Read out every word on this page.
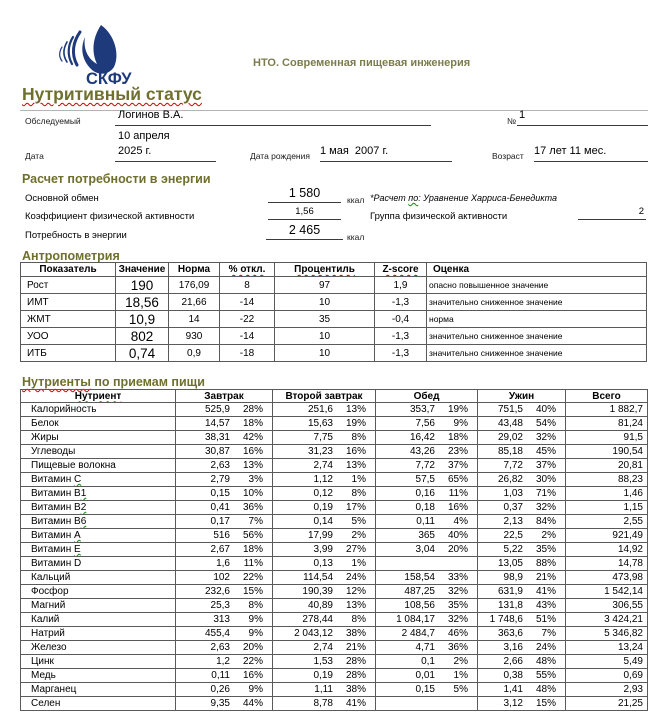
СКФУ

НТО. Современная пищевая инженерия
Нутритивный статус
Обследуемый	Логинов В.А.	№ 1
10 апреля
Дата	2025 г.	Дата рождения 1 мая  2007 г.	Возраст 17 лет 11 мес.
Расчет потребности в энергии
Основной обмен	1 580	ккал *Расчет по: Уравнение Харриса-Бенедикта
Коэффициент физической активности	1,56	Группа физической активности	2
Потребность в энергии	2 465	ккал
Антропометрия
Показатель	Значение	Норма	% откл.	Процентиль	Z-score	Оценка
Рост	190	176,09	8	97	1,9	опасно повышенное значение
ИМТ	18,56	21,66	-14	10	-1,3	значительно сниженное значение
ЖМТ	10,9	14	-22	35	-0,4	норма
УОО	802	930	-14	10	-1,3	значительно сниженное значение
ИТБ	0,74	0,9	-18	10	-1,3	значительно сниженное значение
Нутриенты по приемам пищи
Нутриент	Завтрак	Второй завтрак	Обед	Ужин	Всего
Калорийность	525,9 28%	251,6 13%	353,7 19%	751,5 40%	1 882,7
Белок	14,57 18%	15,63 19%	7,56 9%	43,48 54%	81,24
Жиры	38,31 42%	7,75 8%	16,42 18%	29,02 32%	91,5
Углеводы	30,87 16%	31,23 16%	43,26 23%	85,18 45%	190,54
Пищевые волокна	2,63 13%	2,74 13%	7,72 37%	7,72 37%	20,81
Витамин C	2,79 3%	1,12 1%	57,5 65%	26,82 30%	88,23
Витамин B1	0,15 10%	0,12 8%	0,16 11%	1,03 71%	1,46
Витамин B2	0,41 36%	0,19 17%	0,18 16%	0,37 32%	1,15
Витамин B6	0,17 7%	0,14 5%	0,11 4%	2,13 84%	2,55
Витамин A	516 56%	17,99 2%	365 40%	22,5 2%	921,49
Витамин E	2,67 18%	3,99 27%	3,04 20%	5,22 35%	14,92
Витамин D	1,6 11%	0,13 1%		13,05 88%	14,78
Кальций	102 22%	114,54 24%	158,54 33%	98,9 21%	473,98
Фосфор	232,6 15%	190,39 12%	487,25 32%	631,9 41%	1 542,14
Магний	25,3 8%	40,89 13%	108,56 35%	131,8 43%	306,55
Калий	313 9%	278,44 8%	1 084,17 32%	1 748,6 51%	3 424,21
Натрий	455,4 9%	2 043,12 38%	2 484,7 46%	363,6 7%	5 346,82
Железо	2,63 20%	2,74 21%	4,71 36%	3,16 24%	13,24
Цинк	1,2 22%	1,53 28%	0,1 2%	2,66 48%	5,49
Медь	0,11 16%	0,19 28%	0,01 1%	0,38 55%	0,69
Марганец	0,26 9%	1,11 38%	0,15 5%	1,41 48%	2,93
Селен	9,35 44%	8,78 41%		3,12 15%	21,25
